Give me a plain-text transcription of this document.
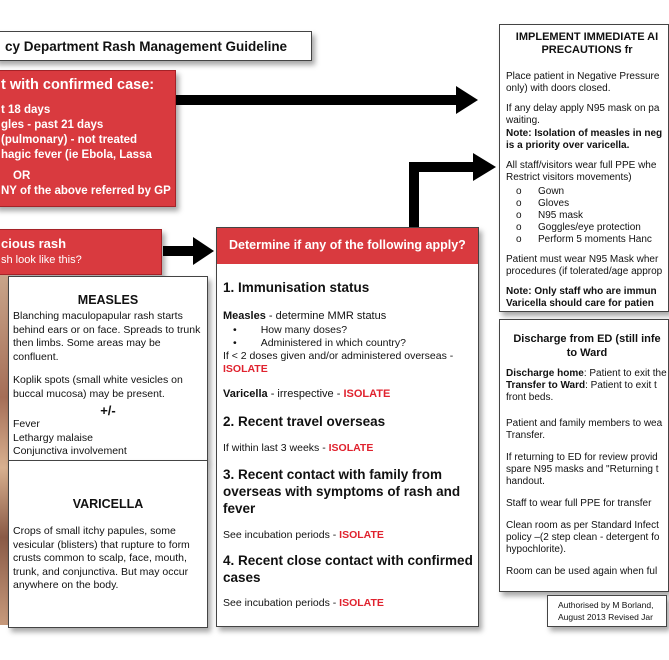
cy Department Rash Management Guideline
t with confirmed case:
t 18 days
gles - past 21 days
(pulmonary) - not treated
hagic fever (ie Ebola, Lassa
OR
NY of the above referred by GP
cious rash
sh look like this?
MEASLES

Blanching maculopapular rash starts behind ears or on face. Spreads to trunk then limbs. Some areas may be confluent.

Koplik spots (small white vesicles on buccal mucosa) may be present.

+/-
Fever
Lethargy malaise
Conjunctiva involvement
VARICELLA

Crops of small itchy papules, some vesicular (blisters) that rupture to form crusts common to scalp, face, mouth, trunk, and conjunctiva. But may occur anywhere on the body.

Determine if any of the following apply?
1. Immunisation status
Measles - determine MMR status
• How many doses?
• Administered in which country?
If < 2 doses given and/or administered overseas -
ISOLATE
Varicella - irrespective - ISOLATE
2. Recent travel overseas
If within last 3 weeks - ISOLATE
3. Recent contact with family from overseas with symptoms of rash and fever
See incubation periods - ISOLATE
4. Recent close contact with confirmed cases
See incubation periods - ISOLATE
IMPLEMENT IMMEDIATE AI
PRECAUTIONS fr

Place patient in Negative Pressure
only) with doors closed.

If any delay apply N95 mask on pa
waiting.

Note: Isolation of measles in neg
is a priority over varicella.

All staff/visitors wear full PPE whe
Restrict visitors movements)

o Gown
o Gloves
o N95 mask
o Goggles/eye protection
o Perform 5 moments Hanc

Patient must wear N95 Mask wher
procedures (if tolerated/age approp

Note: Only staff who are immun
Varicella should care for patien

Discharge from ED (still infe
to Ward

Discharge home: Patient to exit the
Transfer to Ward: Patient to exit t
front beds.

Patient and family members to wea
Transfer.

If returning to ED for review provid
spare N95 masks and "Returning t
handout.

Staff to wear full PPE for transfer

Clean room as per Standard Infect
policy –(2 step clean - detergent fo
hypochlorite).

Room can be used again when ful

Authorised by M Borland,
August 2013 Revised Jar
